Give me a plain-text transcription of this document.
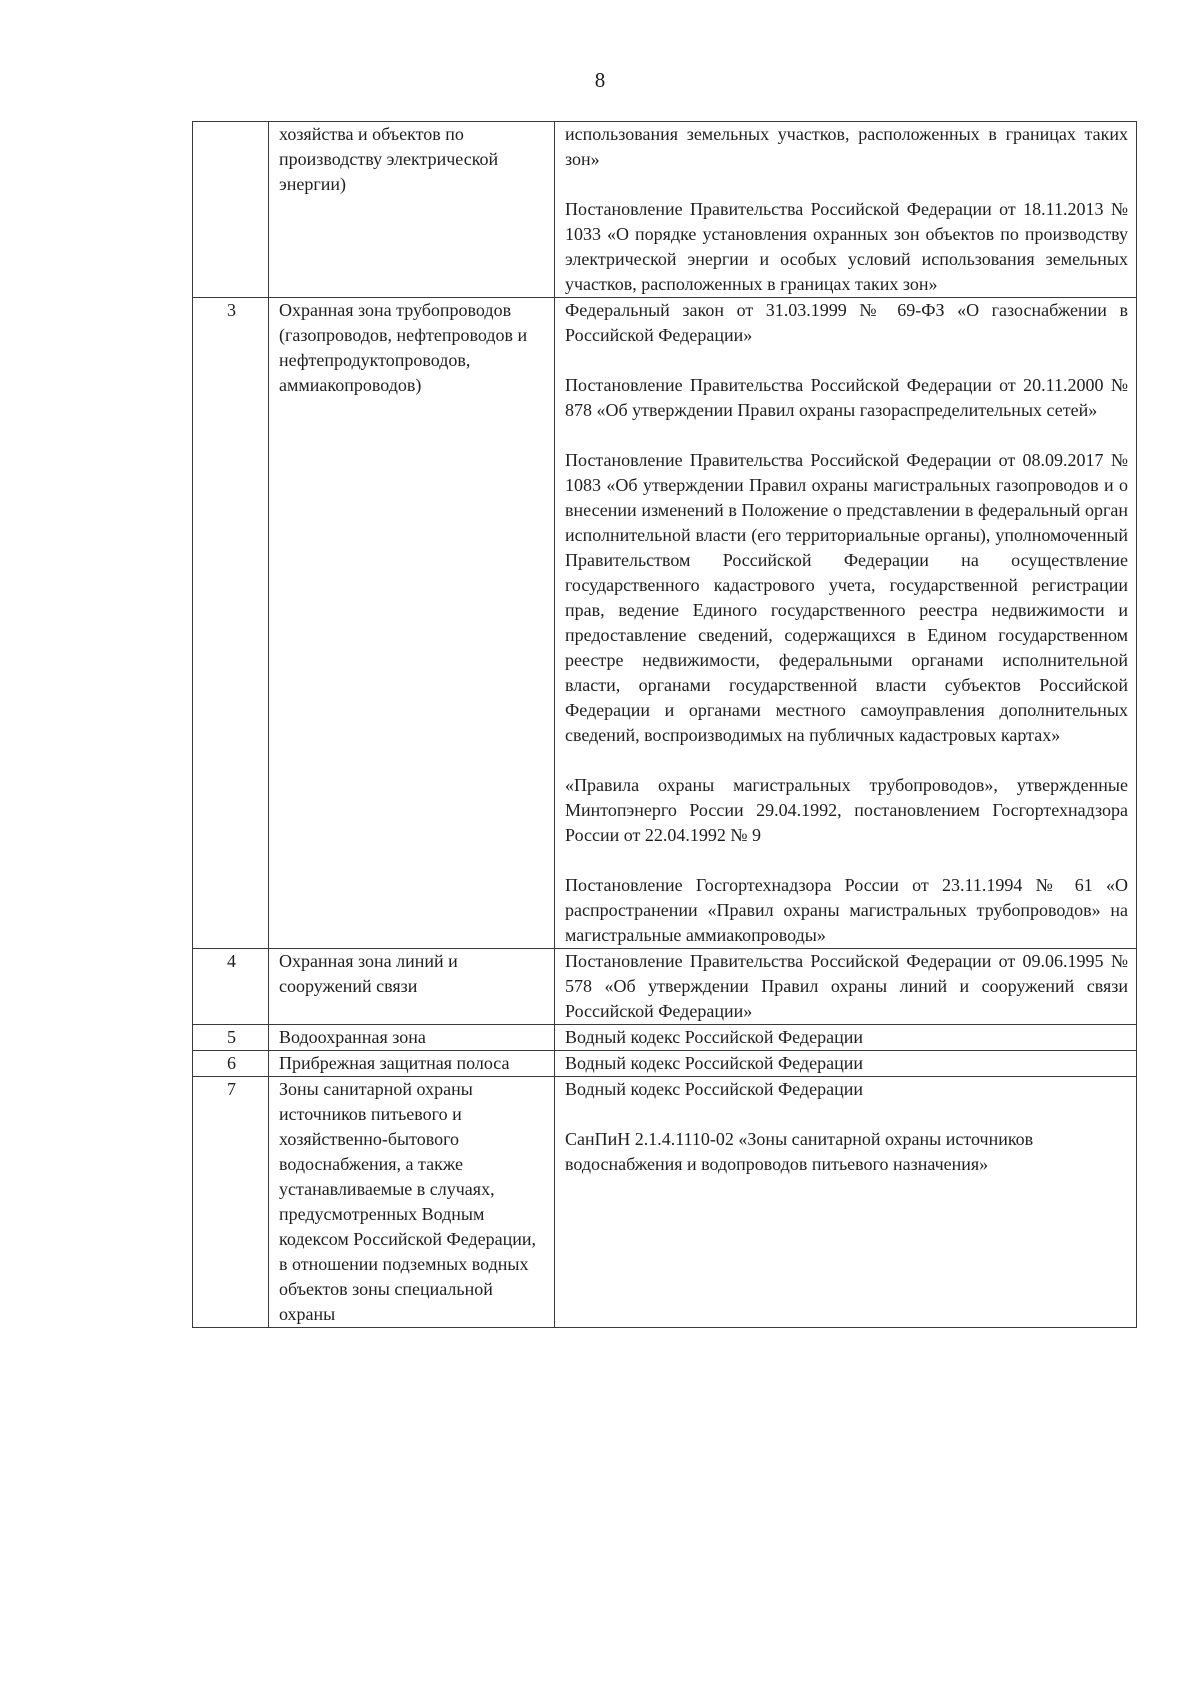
8
	хозяйства и объектов по производству электрической энергии)	использования земельных участков, расположенных в границах таких зон»

Постановление Правительства Российской Федерации от 18.11.2013 № 1033 «О порядке установления охранных зон объектов по производству электрической энергии и особых условий использования земельных участков, расположенных в границах таких зон»

3	Охранная зона трубопроводов (газопроводов, нефтепроводов и нефтепродуктопроводов, аммиакопроводов)	Федеральный закон от 31.03.1999 № 69-ФЗ «О газоснабжении в Российской Федерации»

Постановление Правительства Российской Федерации от 20.11.2000 № 878 «Об утверждении Правил охраны газораспределительных сетей»

Постановление Правительства Российской Федерации от 08.09.2017 № 1083 «Об утверждении Правил охраны магистральных газопроводов и о внесении изменений в Положение о представлении в федеральный орган исполнительной власти (его территориальные органы), уполномоченный Правительством Российской Федерации на осуществление государственного кадастрового учета, государственной регистрации прав, ведение Единого государственного реестра недвижимости и предоставление сведений, содержащихся в Едином государственном реестре недвижимости, федеральными органами исполнительной власти, органами государственной власти субъектов Российской Федерации и органами местного самоуправления дополнительных сведений, воспроизводимых на публичных кадастровых картах»

«Правила охраны магистральных трубопроводов», утвержденные Минтопэнерго России 29.04.1992, постановлением Госгортехнадзора России от 22.04.1992 № 9

Постановление Госгортехнадзора России от 23.11.1994 № 61 «О распространении «Правил охраны магистральных трубопроводов» на магистральные аммиакопроводы»

4	Охранная зона линий и сооружений связи	Постановление Правительства Российской Федерации от 09.06.1995 № 578 «Об утверждении Правил охраны линий и сооружений связи Российской Федерации»

5	Водоохранная зона	Водный кодекс Российской Федерации

6	Прибрежная защитная полоса	Водный кодекс Российской Федерации

7	Зоны санитарной охраны источников питьевого и хозяйственно-бытового водоснабжения, а также устанавливаемые в случаях, предусмотренных Водным кодексом Российской Федерации, в отношении подземных водных объектов зоны специальной охраны	Водный кодекс Российской Федерации

СанПиН 2.1.4.1110-02 «Зоны санитарной охраны источников водоснабжения и водопроводов питьевого назначения»
